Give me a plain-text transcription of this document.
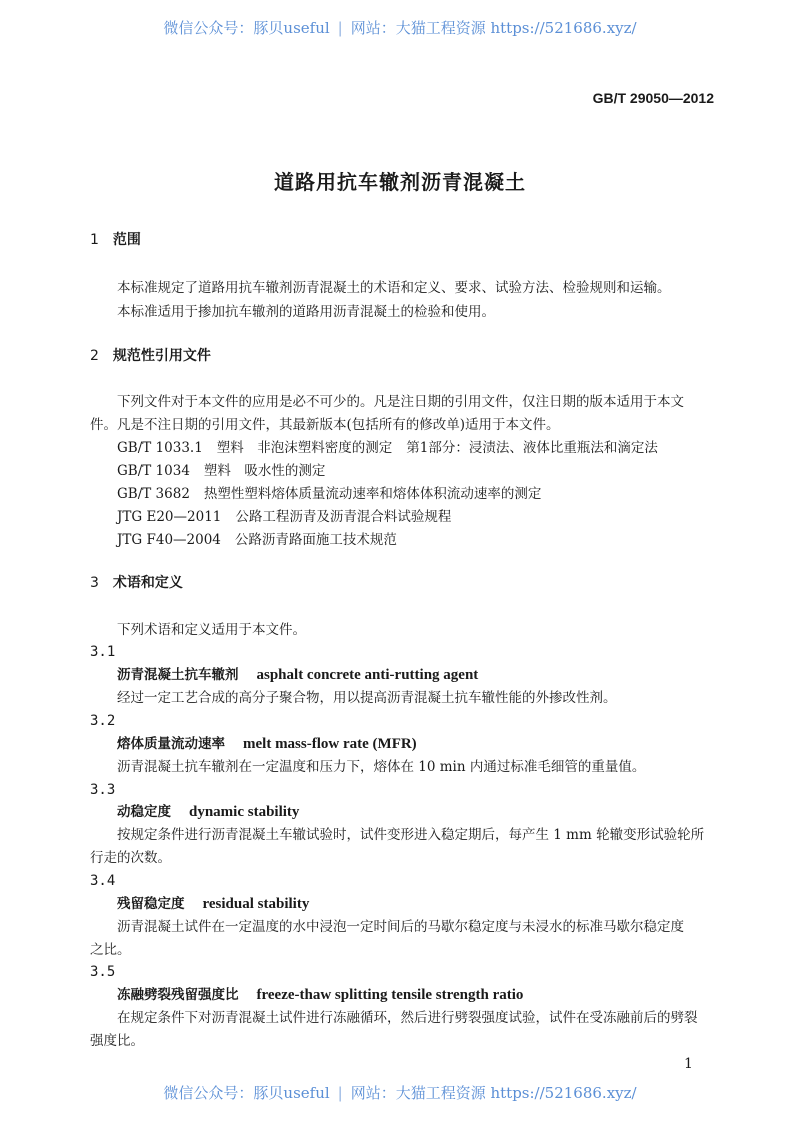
微信公众号：豚贝useful | 网站：大猫工程资源 https://521686.xyz/
GB/T 29050—2012
道路用抗车辙剂沥青混凝土
1 范围
本标准规定了道路用抗车辙剂沥青混凝土的术语和定义、要求、试验方法、检验规则和运输。
本标准适用于掺加抗车辙剂的道路用沥青混凝土的检验和使用。
2 规范性引用文件
下列文件对于本文件的应用是必不可少的。凡是注日期的引用文件，仅注日期的版本适用于本文
件。凡是不注日期的引用文件，其最新版本(包括所有的修改单)适用于本文件。
GB/T 1033.1 塑料　非泡沫塑料密度的测定 第1部分：浸渍法、液体比重瓶法和滴定法
GB/T 1034 塑料　吸水性的测定
GB/T 3682 热塑性塑料熔体质量流动速率和熔体体积流动速率的测定
JTG E20—2011 公路工程沥青及沥青混合料试验规程
JTG F40—2004 公路沥青路面施工技术规范
3 术语和定义
下列术语和定义适用于本文件。
3.1
沥青混凝土抗车辙剂 asphalt concrete anti-rutting agent
经过一定工艺合成的高分子聚合物，用以提高沥青混凝土抗车辙性能的外掺改性剂。
3.2
熔体质量流动速率 melt mass-flow rate (MFR)
沥青混凝土抗车辙剂在一定温度和压力下，熔体在 10 min 内通过标准毛细管的重量值。
3.3
动稳定度 dynamic stability
按规定条件进行沥青混凝土车辙试验时，试件变形进入稳定期后，每产生 1 mm 轮辙变形试验轮所
行走的次数。
3.4
残留稳定度 residual stability
沥青混凝土试件在一定温度的水中浸泡一定时间后的马歇尔稳定度与未浸水的标准马歇尔稳定度
之比。
3.5
冻融劈裂残留强度比 freeze-thaw splitting tensile strength ratio
在规定条件下对沥青混凝土试件进行冻融循环，然后进行劈裂强度试验，试件在受冻融前后的劈裂
强度比。
1
微信公众号：豚贝useful | 网站：大猫工程资源 https://521686.xyz/
